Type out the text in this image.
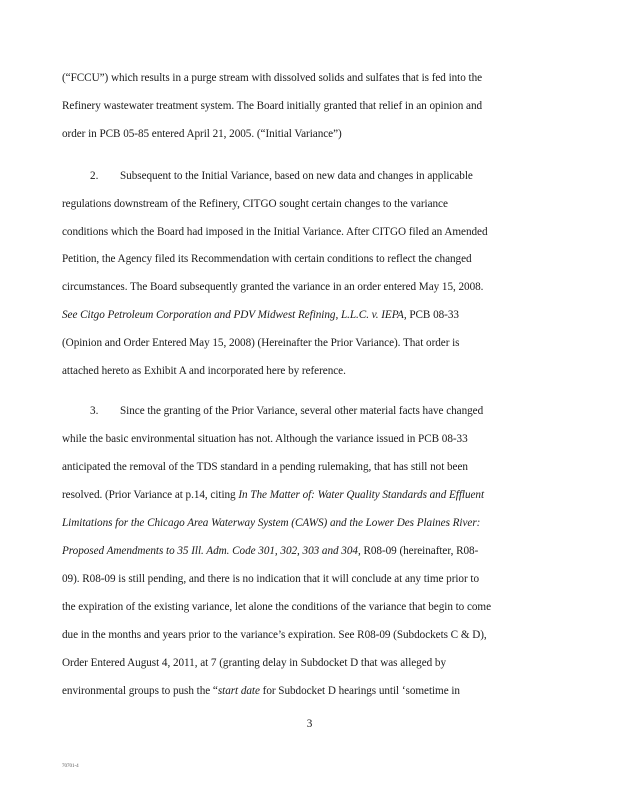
(“FCCU”) which results in a purge stream with dissolved solids and sulfates that is fed into the
Refinery wastewater treatment system. The Board initially granted that relief in an opinion and
order in PCB 05-85 entered April 21, 2005. (“Initial Variance”)
2. Subsequent to the Initial Variance, based on new data and changes in applicable
regulations downstream of the Refinery, CITGO sought certain changes to the variance
conditions which the Board had imposed in the Initial Variance. After CITGO filed an Amended
Petition, the Agency filed its Recommendation with certain conditions to reflect the changed
circumstances. The Board subsequently granted the variance in an order entered May 15, 2008.
See Citgo Petroleum Corporation and PDV Midwest Refining, L.L.C. v. IEPA, PCB 08-33
(Opinion and Order Entered May 15, 2008) (Hereinafter the Prior Variance). That order is
attached hereto as Exhibit A and incorporated here by reference.
3. Since the granting of the Prior Variance, several other material facts have changed
while the basic environmental situation has not. Although the variance issued in PCB 08-33
anticipated the removal of the TDS standard in a pending rulemaking, that has still not been
resolved. (Prior Variance at p.14, citing In The Matter of: Water Quality Standards and Effluent
Limitations for the Chicago Area Waterway System (CAWS) and the Lower Des Plaines River:
Proposed Amendments to 35 Ill. Adm. Code 301, 302, 303 and 304, R08-09 (hereinafter, R08-
09). R08-09 is still pending, and there is no indication that it will conclude at any time prior to
the expiration of the existing variance, let alone the conditions of the variance that begin to come
due in the months and years prior to the variance’s expiration. See R08-09 (Subdockets C & D),
Order Entered August 4, 2011, at 7 (granting delay in Subdocket D that was alleged by
environmental groups to push the “start date for Subdocket D hearings until ‘sometime in
3
70701-4
